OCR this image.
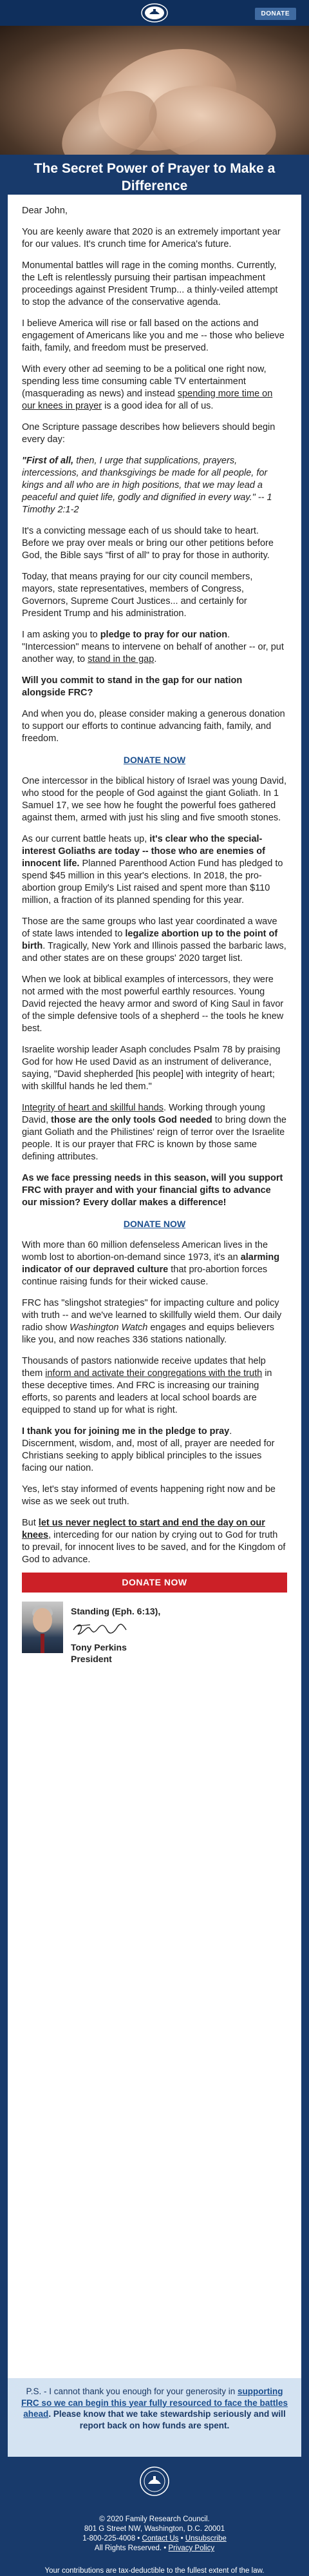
DONATE
The Secret Power of Prayer to Make a Difference

Dear John,

You are keenly aware that 2020 is an extremely important year for our values. It's crunch time for America's future.

Monumental battles will rage in the coming months. Currently, the Left is relentlessly pursuing their partisan impeachment proceedings against President Trump... a thinly-veiled attempt to stop the advance of the conservative agenda.

I believe America will rise or fall based on the actions and engagement of Americans like you and me -- those who believe faith, family, and freedom must be preserved.

With every other ad seeming to be a political one right now, spending less time consuming cable TV entertainment (masquerading as news) and instead spending more time on our knees in prayer is a good idea for all of us.

One Scripture passage describes how believers should begin every day:

"First of all, then, I urge that supplications, prayers, intercessions, and thanksgivings be made for all people, for kings and all who are in high positions, that we may lead a peaceful and quiet life, godly and dignified in every way." -- 1 Timothy 2:1-2

It's a convicting message each of us should take to heart. Before we pray over meals or bring our other petitions before God, the Bible says "first of all" to pray for those in authority.

Today, that means praying for our city council members, mayors, state representatives, members of Congress, Governors, Supreme Court Justices... and certainly for President Trump and his administration.

I am asking you to pledge to pray for our nation. "Intercession" means to intervene on behalf of another -- or, put another way, to stand in the gap.

Will you commit to stand in the gap for our nation alongside FRC?

And when you do, please consider making a generous donation to support our efforts to continue advancing faith, family, and freedom.

DONATE NOW

One intercessor in the biblical history of Israel was young David, who stood for the people of God against the giant Goliath. In 1 Samuel 17, we see how he fought the powerful foes gathered against them, armed with just his sling and five smooth stones.

As our current battle heats up, it's clear who the special-interest Goliaths are today -- those who are enemies of innocent life. Planned Parenthood Action Fund has pledged to spend $45 million in this year's elections. In 2018, the pro-abortion group Emily's List raised and spent more than $110 million, a fraction of its planned spending for this year.

Those are the same groups who last year coordinated a wave of state laws intended to legalize abortion up to the point of birth. Tragically, New York and Illinois passed the barbaric laws, and other states are on these groups' 2020 target list.

When we look at biblical examples of intercessors, they were not armed with the most powerful earthly resources. Young David rejected the heavy armor and sword of King Saul in favor of the simple defensive tools of a shepherd -- the tools he knew best.

Israelite worship leader Asaph concludes Psalm 78 by praising God for how He used David as an instrument of deliverance, saying, "David shepherded [his people] with integrity of heart; with skillful hands he led them."

Integrity of heart and skillful hands. Working through young David, those are the only tools God needed to bring down the giant Goliath and the Philistines' reign of terror over the Israelite people. It is our prayer that FRC is known by those same defining attributes.

As we face pressing needs in this season, will you support FRC with prayer and with your financial gifts to advance our mission? Every dollar makes a difference!

DONATE NOW

With more than 60 million defenseless American lives in the womb lost to abortion-on-demand since 1973, it's an alarming indicator of our depraved culture that pro-abortion forces continue raising funds for their wicked cause.

FRC has "slingshot strategies" for impacting culture and policy with truth -- and we've learned to skillfully wield them. Our daily radio show Washington Watch engages and equips believers like you, and now reaches 336 stations nationally.

Thousands of pastors nationwide receive updates that help them inform and activate their congregations with the truth in these deceptive times. And FRC is increasing our training efforts, so parents and leaders at local school boards are equipped to stand up for what is right.

I thank you for joining me in the pledge to pray. Discernment, wisdom, and, most of all, prayer are needed for Christians seeking to apply biblical principles to the issues facing our nation.

Yes, let's stay informed of events happening right now and be wise as we seek out truth.

But let us never neglect to start and end the day on our knees, interceding for our nation by crying out to God for truth to prevail, for innocent lives to be saved, and for the Kingdom of God to advance.

DONATE NOW
Standing (Eph. 6:13),
Tony Perkins
President
P.S. - I cannot thank you enough for your generosity in supporting FRC so we can begin this year fully resourced to face the battles ahead. Please know that we take stewardship seriously and will report back on how funds are spent.

© 2020 Family Research Council.

801 G Street NW, Washington, D.C. 20001

1-800-225-4008 • Contact Us • Unsubscribe

All Rights Reserved. • Privacy Policy

Your contributions are tax-deductible to the fullest extent of the law.
